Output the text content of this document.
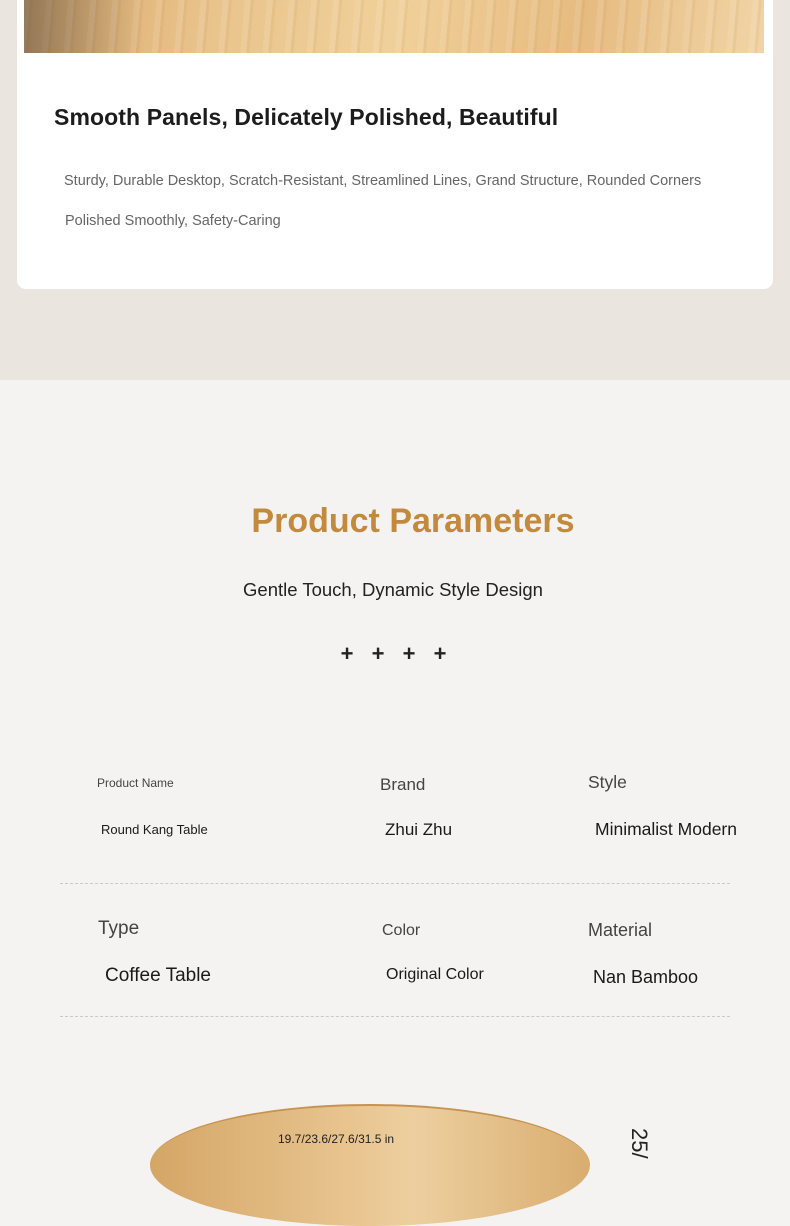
Smooth Panels, Delicately Polished, Beautiful
Sturdy, Durable Desktop, Scratch-Resistant, Streamlined Lines, Grand Structure, Rounded Corners
Polished Smoothly, Safety-Caring
Product Parameters
Gentle Touch, Dynamic Style Design
+ + + +
Product Name
Round Kang Table
Brand
Zhui Zhu
Style
Minimalist Modern
Type
Coffee Table
Color
Original Color
Material
Nan Bamboo
19.7/23.6/27.6/31.5 in	25/
